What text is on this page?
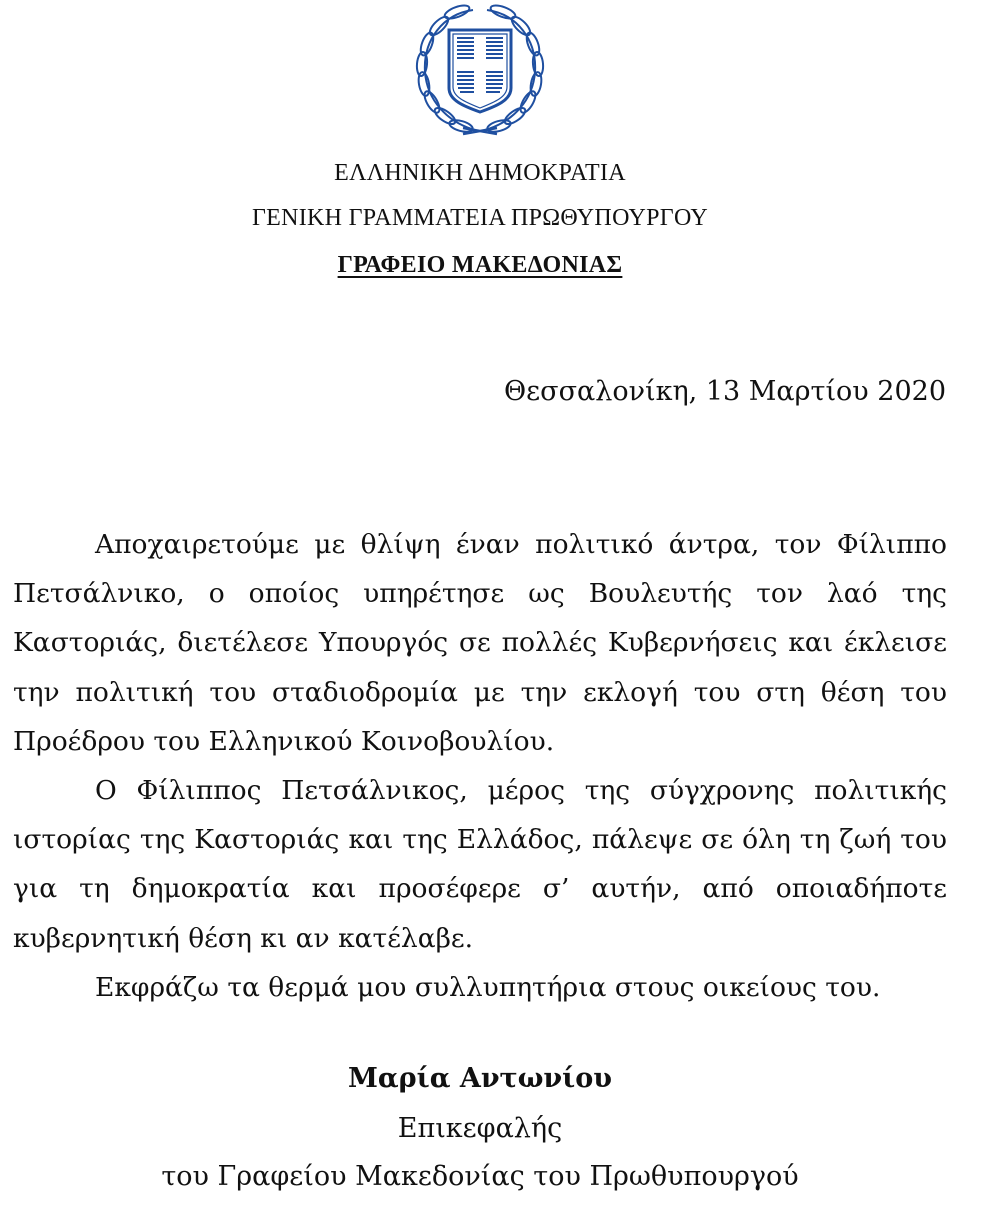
ΕΛΛΗΝΙΚΗ ΔΗΜΟΚΡΑΤΙΑ
ΓΕΝΙΚΗ ΓΡΑΜΜΑΤΕΙΑ ΠΡΩΘΥΠΟΥΡΓΟΥ
ΓΡΑΦΕΙΟ ΜΑΚΕΔΟΝΙΑΣ
Θεσσαλονίκη, 13 Μαρτίου 2020

Αποχαιρετούμε με θλίψη έναν πολιτικό άντρα, τον Φίλιππο Πετσάλνικο, ο οποίος υπηρέτησε ως Βουλευτής τον λαό της Καστοριάς, διετέλεσε Υπουργός σε πολλές Κυβερνήσεις και έκλεισε την πολιτική του σταδιοδρομία με την εκλογή του στη θέση του Προέδρου του Ελληνικού Κοινοβουλίου.

Ο Φίλιππος Πετσάλνικος, μέρος της σύγχρονης πολιτικής ιστορίας της Καστοριάς και της Ελλάδος, πάλεψε σε όλη τη ζωή του για τη δημοκρατία και προσέφερε σ’ αυτήν, από οποιαδήποτε κυβερνητική θέση κι αν κατέλαβε.

Εκφράζω τα θερμά μου συλλυπητήρια στους οικείους του.

Μαρία Αντωνίου
Επικεφαλής
του Γραφείου Μακεδονίας του Πρωθυπουργού
